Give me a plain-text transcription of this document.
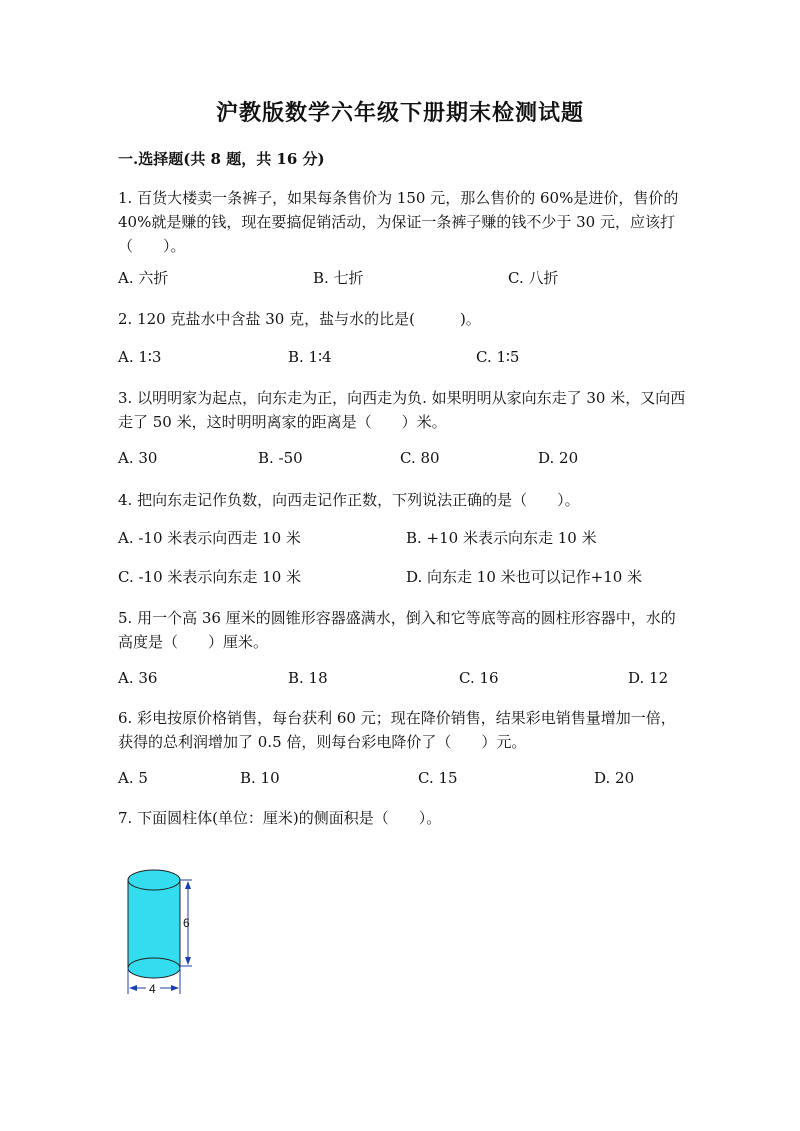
沪教版数学六年级下册期末检测试题
一.选择题(共 8 题，共 16 分)
1. 百货大楼卖一条裤子，如果每条售价为 150 元，那么售价的 60%是进价，售价的 40%就是赚的钱，现在要搞促销活动，为保证一条裤子赚的钱不少于 30 元，应该打（　　）。
A. 六折	B. 七折	C. 八折
2. 120 克盐水中含盐 30 克，盐与水的比是(　　　)。
A. 1∶3	B. 1∶4	C. 1∶5
3. 以明明家为起点，向东走为正，向西走为负. 如果明明从家向东走了 30 米，又向西走了 50 米，这时明明离家的距离是（　　）米。
A. 30	B. -50	C. 80	D. 20
4. 把向东走记作负数，向西走记作正数，下列说法正确的是（　　）。
A. -10 米表示向西走 10 米	B. +10 米表示向东走 10 米
C. -10 米表示向东走 10 米	D. 向东走 10 米也可以记作+10 米
5. 用一个高 36 厘米的圆锥形容器盛满水，倒入和它等底等高的圆柱形容器中，水的高度是（　　）厘米。
A. 36	B. 18	C. 16	D. 12
6. 彩电按原价格销售，每台获利 60 元；现在降价销售，结果彩电销售量增加一倍，获得的总利润增加了 0.5 倍，则每台彩电降价了（　　）元。
A. 5	B. 10	C. 15	D. 20
7. 下面圆柱体(单位：厘米)的侧面积是（　　）。
6
4
